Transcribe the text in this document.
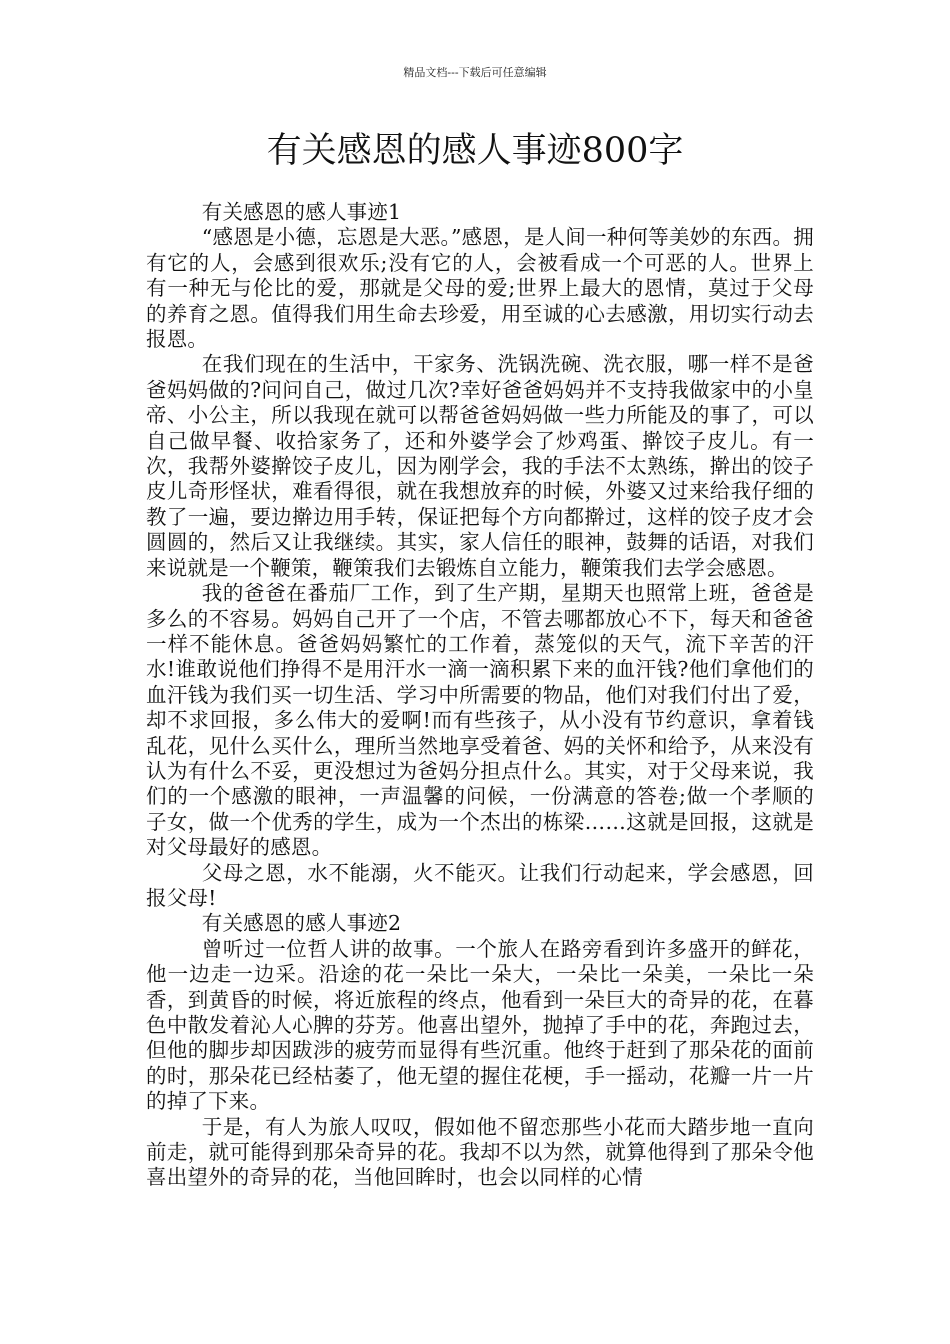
精品文档---下载后可任意编辑
有关感恩的感人事迹800字

有关感恩的感人事迹1

“感恩是小德，忘恩是大恶。”感恩，是人间一种何等美妙的东西。拥有它的人，会感到很欢乐;没有它的人，会被看成一个可恶的人。世界上有一种无与伦比的爱，那就是父母的爱;世界上最大的恩情，莫过于父母的养育之恩。值得我们用生命去珍爱，用至诚的心去感激，用切实行动去报恩。

在我们现在的生活中，干家务、洗锅洗碗、洗衣服，哪一样不是爸爸妈妈做的?问问自己，做过几次?幸好爸爸妈妈并不支持我做家中的小皇帝、小公主，所以我现在就可以帮爸爸妈妈做一些力所能及的事了，可以自己做早餐、收拾家务了，还和外婆学会了炒鸡蛋、擀饺子皮儿。有一次，我帮外婆擀饺子皮儿，因为刚学会，我的手法不太熟练，擀出的饺子皮儿奇形怪状，难看得很，就在我想放弃的时候，外婆又过来给我仔细的教了一遍，要边擀边用手转，保证把每个方向都擀过，这样的饺子皮才会圆圆的，然后又让我继续。其实，家人信任的眼神，鼓舞的话语，对我们来说就是一个鞭策，鞭策我们去锻炼自立能力，鞭策我们去学会感恩。

我的爸爸在番茄厂工作，到了生产期，星期天也照常上班，爸爸是多么的不容易。妈妈自己开了一个店，不管去哪都放心不下，每天和爸爸一样不能休息。爸爸妈妈繁忙的工作着，蒸笼似的天气，流下辛苦的汗水!谁敢说他们挣得不是用汗水一滴一滴积累下来的血汗钱?他们拿他们的血汗钱为我们买一切生活、学习中所需要的物品，他们对我们付出了爱，却不求回报，多么伟大的爱啊!而有些孩子，从小没有节约意识，拿着钱乱花，见什么买什么，理所当然地享受着爸、妈的关怀和给予，从来没有认为有什么不妥，更没想过为爸妈分担点什么。其实，对于父母来说，我们的一个感激的眼神，一声温馨的问候，一份满意的答卷;做一个孝顺的子女，做一个优秀的学生，成为一个杰出的栋梁……这就是回报，这就是对父母最好的感恩。

父母之恩，水不能溺，火不能灭。让我们行动起来，学会感恩，回报父母!

有关感恩的感人事迹2

曾听过一位哲人讲的故事。一个旅人在路旁看到许多盛开的鲜花，他一边走一边采。沿途的花一朵比一朵大，一朵比一朵美，一朵比一朵香，到黄昏的时候，将近旅程的终点，他看到一朵巨大的奇异的花，在暮色中散发着沁人心脾的芬芳。他喜出望外，抛掉了手中的花，奔跑过去，但他的脚步却因跋涉的疲劳而显得有些沉重。他终于赶到了那朵花的面前的时，那朵花已经枯萎了，他无望的握住花梗，手一摇动，花瓣一片一片的掉了下来。

于是，有人为旅人叹叹，假如他不留恋那些小花而大踏步地一直向前走，就可能得到那朵奇异的花。我却不以为然，就算他得到了那朵令他喜出望外的奇异的花，当他回眸时，也会以同样的心情
